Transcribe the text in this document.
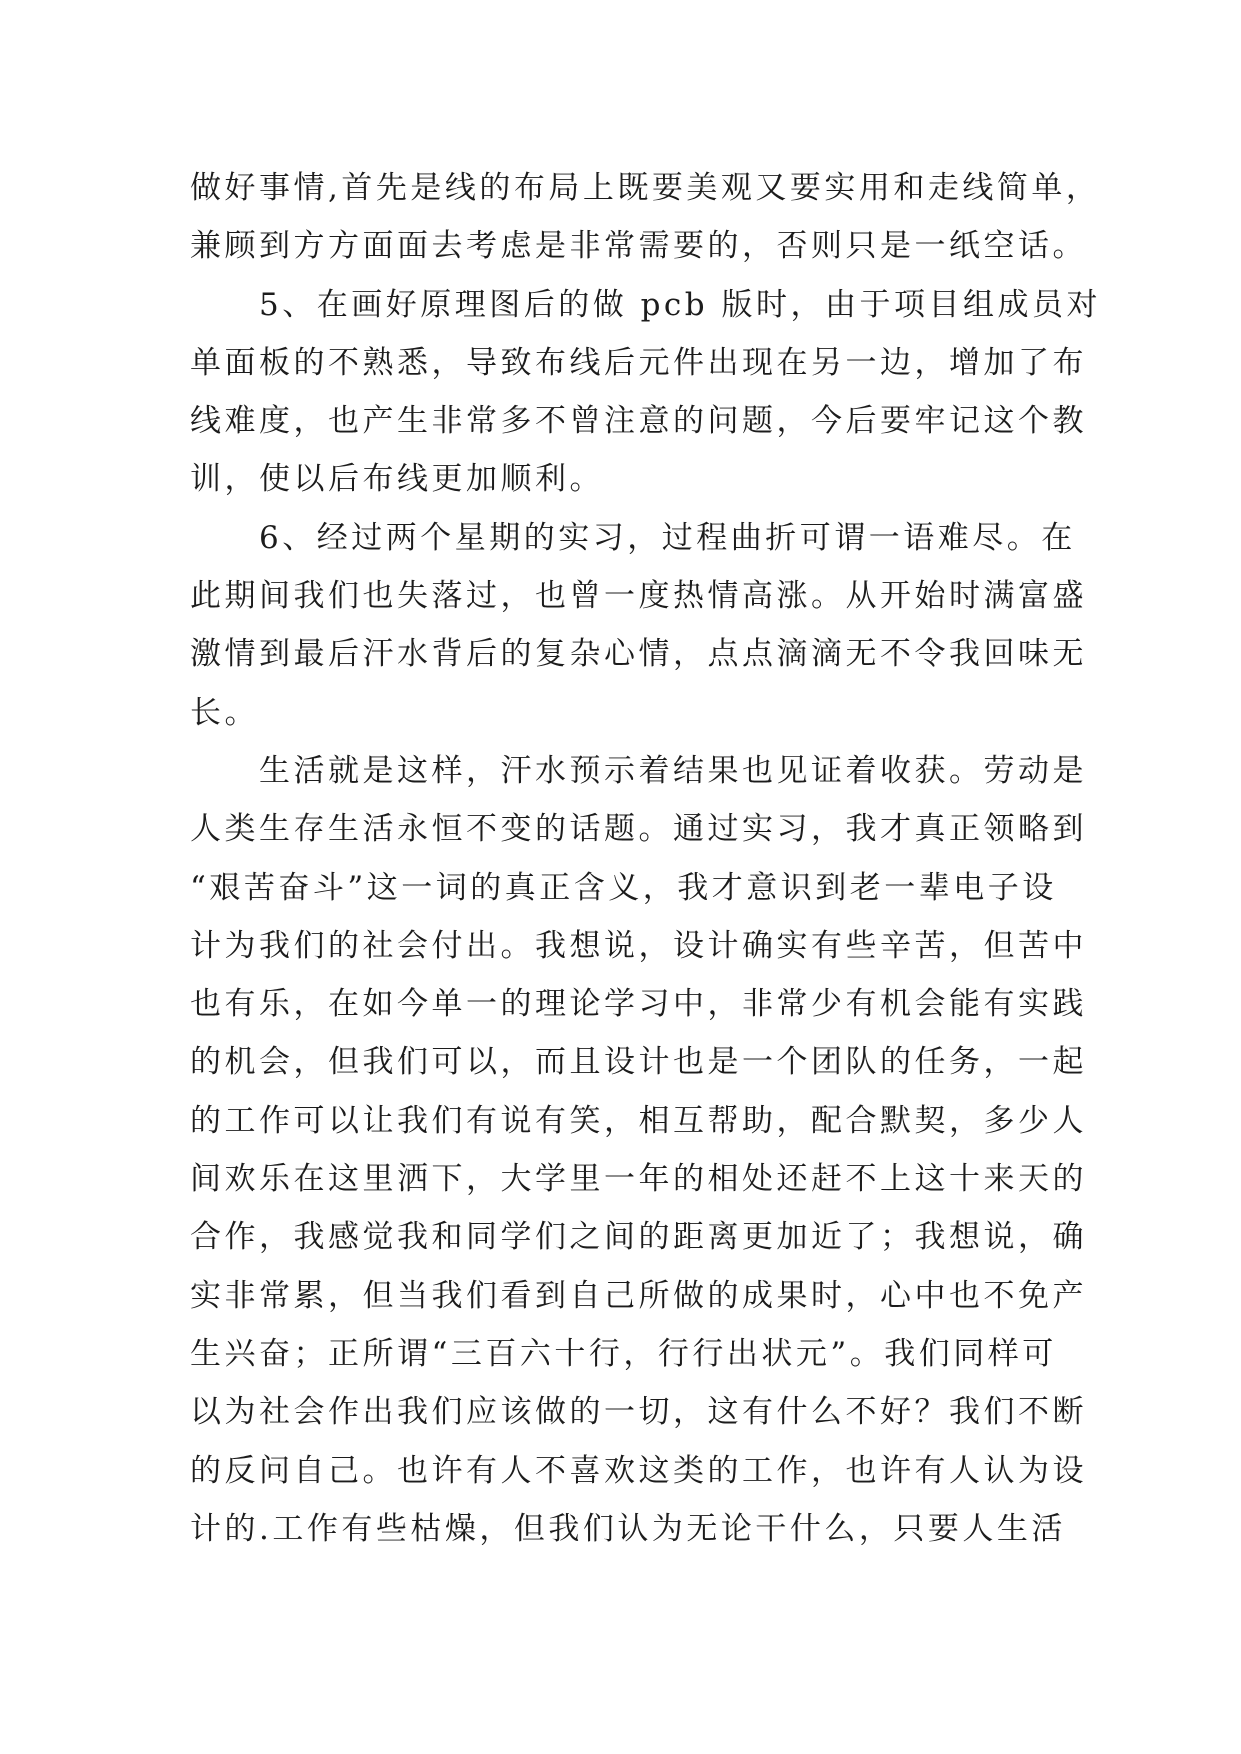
做好事情,首先是线的布局上既要美观又要实用和走线简单，
兼顾到方方面面去考虑是非常需要的，否则只是一纸空话。
5、在画好原理图后的做 pcb 版时，由于项目组成员对
单面板的不熟悉，导致布线后元件出现在另一边，增加了布
线难度，也产生非常多不曾注意的问题，今后要牢记这个教
训，使以后布线更加顺利。
6、经过两个星期的实习，过程曲折可谓一语难尽。在
此期间我们也失落过，也曾一度热情高涨。从开始时满富盛
激情到最后汗水背后的复杂心情，点点滴滴无不令我回味无
长。
生活就是这样，汗水预示着结果也见证着收获。劳动是
人类生存生活永恒不变的话题。通过实习，我才真正领略到
“艰苦奋斗”这一词的真正含义，我才意识到老一辈电子设
计为我们的社会付出。我想说，设计确实有些辛苦，但苦中
也有乐，在如今单一的理论学习中，非常少有机会能有实践
的机会，但我们可以，而且设计也是一个团队的任务，一起
的工作可以让我们有说有笑，相互帮助，配合默契，多少人
间欢乐在这里洒下，大学里一年的相处还赶不上这十来天的
合作，我感觉我和同学们之间的距离更加近了；我想说，确
实非常累，但当我们看到自己所做的成果时，心中也不免产
生兴奋；正所谓“三百六十行，行行出状元”。我们同样可
以为社会作出我们应该做的一切，这有什么不好？我们不断
的反问自己。也许有人不喜欢这类的工作，也许有人认为设
计的.工作有些枯燥，但我们认为无论干什么，只要人生活
